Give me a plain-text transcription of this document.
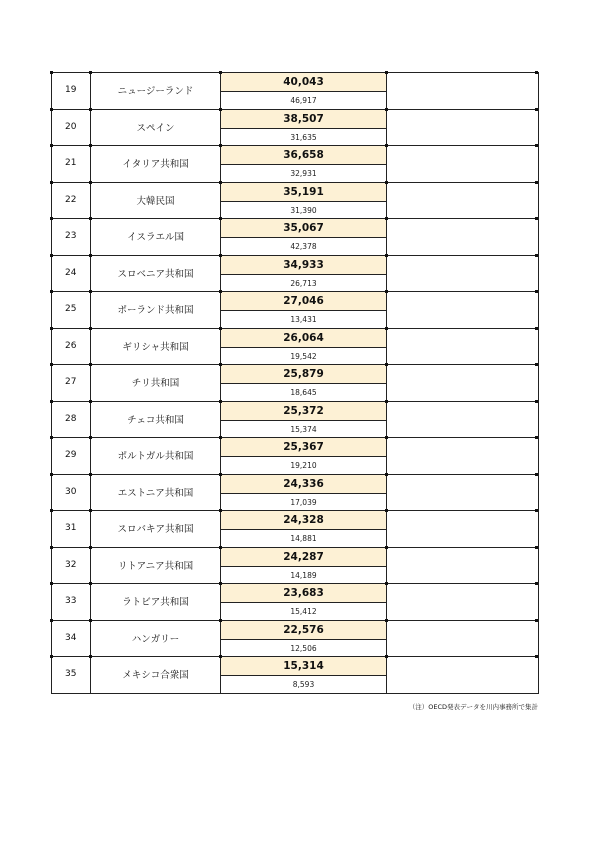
19	ニュージーランド
40,043
46,917
20	スペイン
38,507
31,635
21	イタリア共和国
36,658
32,931
22	大韓民国
35,191
31,390
23	イスラエル国
35,067
42,378
24	スロベニア共和国
34,933
26,713
25	ポーランド共和国
27,046
13,431
26	ギリシャ共和国
26,064
19,542
27	チリ共和国
25,879
18,645
28	チェコ共和国
25,372
15,374
29	ポルトガル共和国
25,367
19,210
30	エストニア共和国
24,336
17,039
31	スロバキア共和国
24,328
14,881
32	リトアニア共和国
24,287
14,189
33	ラトビア共和国
23,683
15,412
34	ハンガリー
22,576
12,506
35	メキシコ合衆国
15,314
8,593
（注）OECD発表データを川内事務所で集計
